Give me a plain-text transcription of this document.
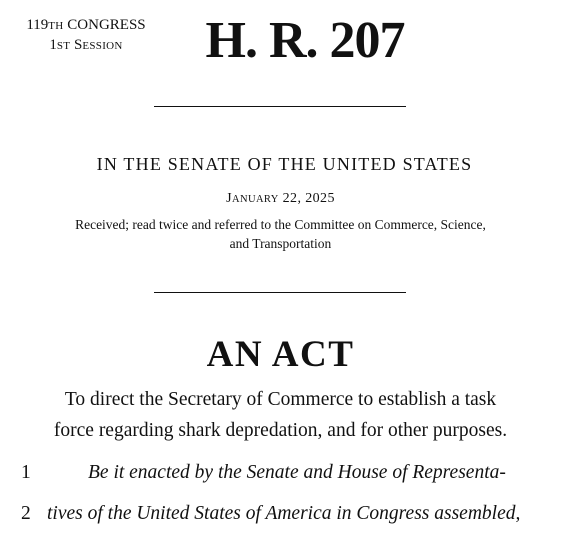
119TH CONGRESS
1ST SESSION	H. R. 207
IN THE SENATE OF THE UNITED STATES
JANUARY 22, 2025
Received; read twice and referred to the Committee on Commerce, Science,
and Transportation
AN ACT
To direct the Secretary of Commerce to establish a task
force regarding shark depredation, and for other purposes.
1	Be it enacted by the Senate and House of Representa-
2 tives of the United States of America in Congress assembled,
